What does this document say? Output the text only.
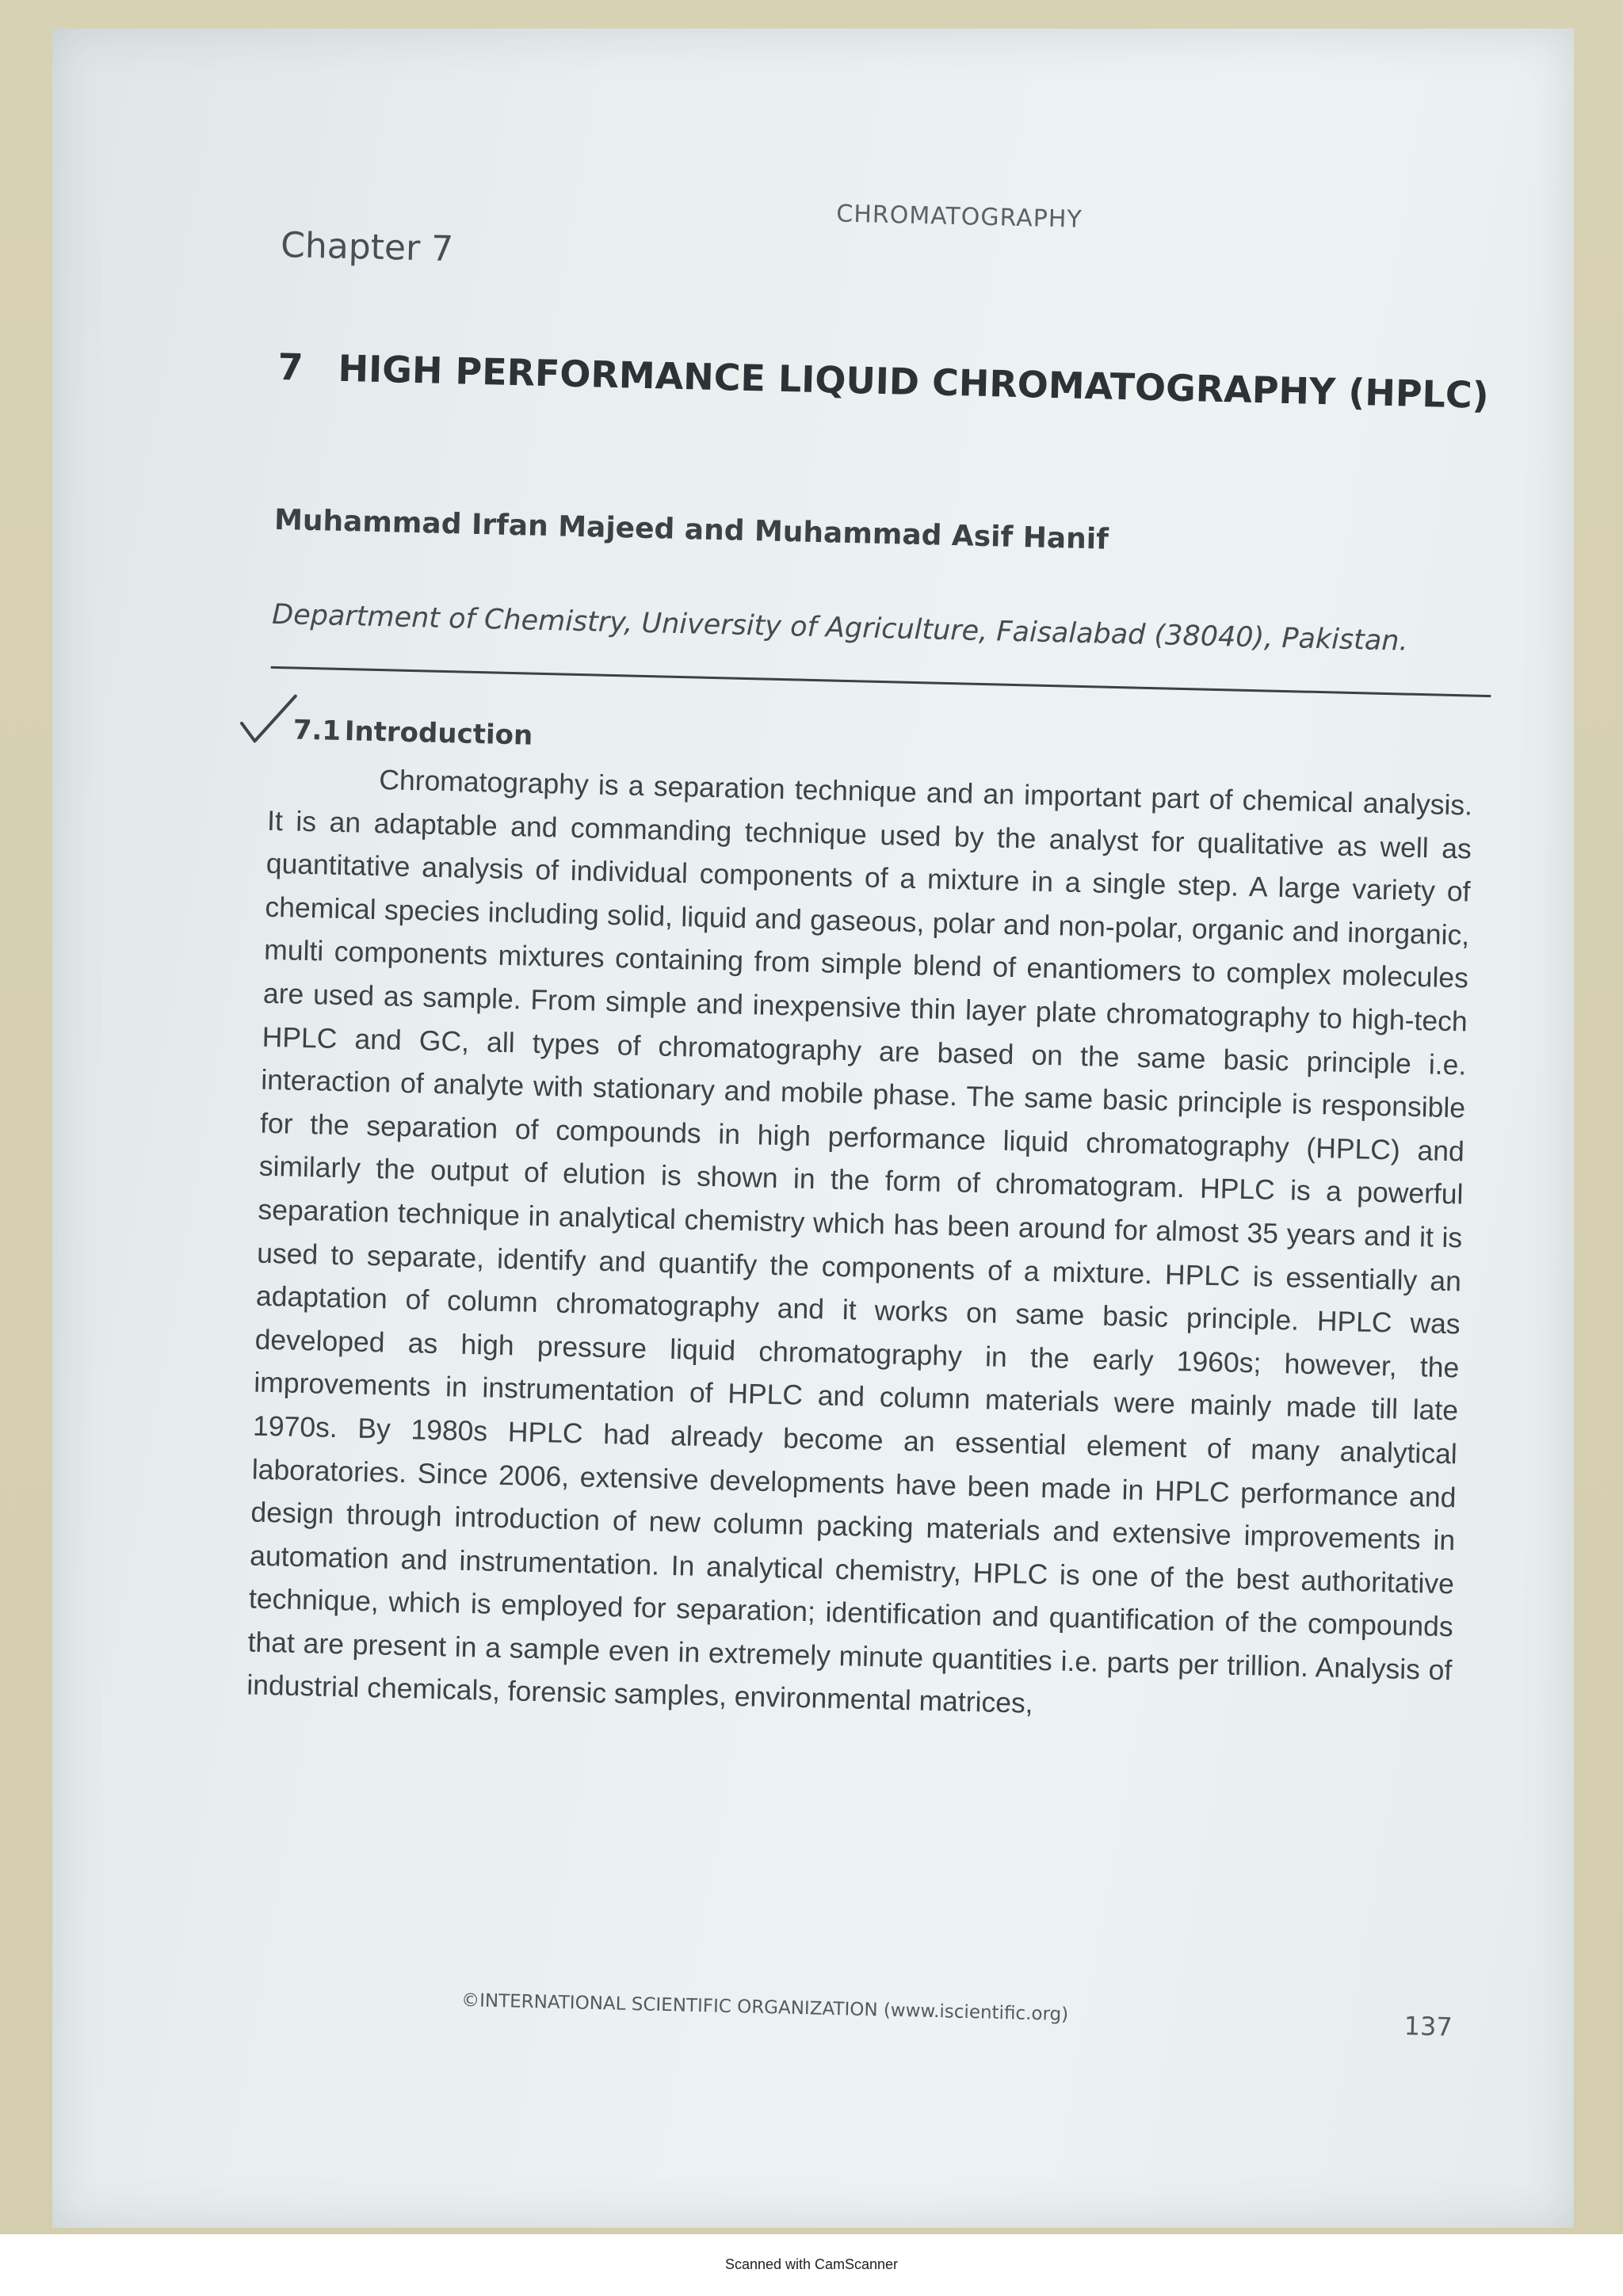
CHROMATOGRAPHY
Chapter 7
7 HIGH PERFORMANCE LIQUID CHROMATOGRAPHY (HPLC)
Muhammad Irfan Majeed and Muhammad Asif Hanif
Department of Chemistry, University of Agriculture, Faisalabad (38040), Pakistan.
7.1 Introduction
Chromatography is a separation technique and an important part of chemical analysis. It is an adaptable and commanding technique used by the analyst for qualitative as well as quantitative analysis of individual components of a mixture in a single step. A large variety of chemical species including solid, liquid and gaseous, polar and non-polar, organic and inorganic, multi components mixtures containing from simple blend of enantiomers to complex molecules are used as sample. From simple and inexpensive thin layer plate chromatography to high-tech HPLC and GC, all types of chromatography are based on the same basic principle i.e. interaction of analyte with stationary and mobile phase. The same basic principle is responsible for the separation of compounds in high performance liquid chromatography (HPLC) and similarly the output of elution is shown in the form of chromatogram. HPLC is a powerful separation technique in analytical chemistry which has been around for almost 35 years and it is used to separate, identify and quantify the components of a mixture. HPLC is essentially an adaptation of column chromatography and it works on same basic principle. HPLC was developed as high pressure liquid chromatography in the early 1960s; however, the improvements in instrumentation of HPLC and column materials were mainly made till late 1970s. By 1980s HPLC had already become an essential element of many analytical laboratories. Since 2006, extensive developments have been made in HPLC performance and design through introduction of new column packing materials and extensive improvements in automation and instrumentation. In analytical chemistry, HPLC is one of the best authoritative technique, which is employed for separation; identification and quantification of the compounds that are present in a sample even in extremely minute quantities i.e. parts per trillion. Analysis of industrial chemicals, forensic samples, environmental matrices,
©INTERNATIONAL SCIENTIFIC ORGANIZATION (www.iscientific.org)
137
Scanned with CamScanner
